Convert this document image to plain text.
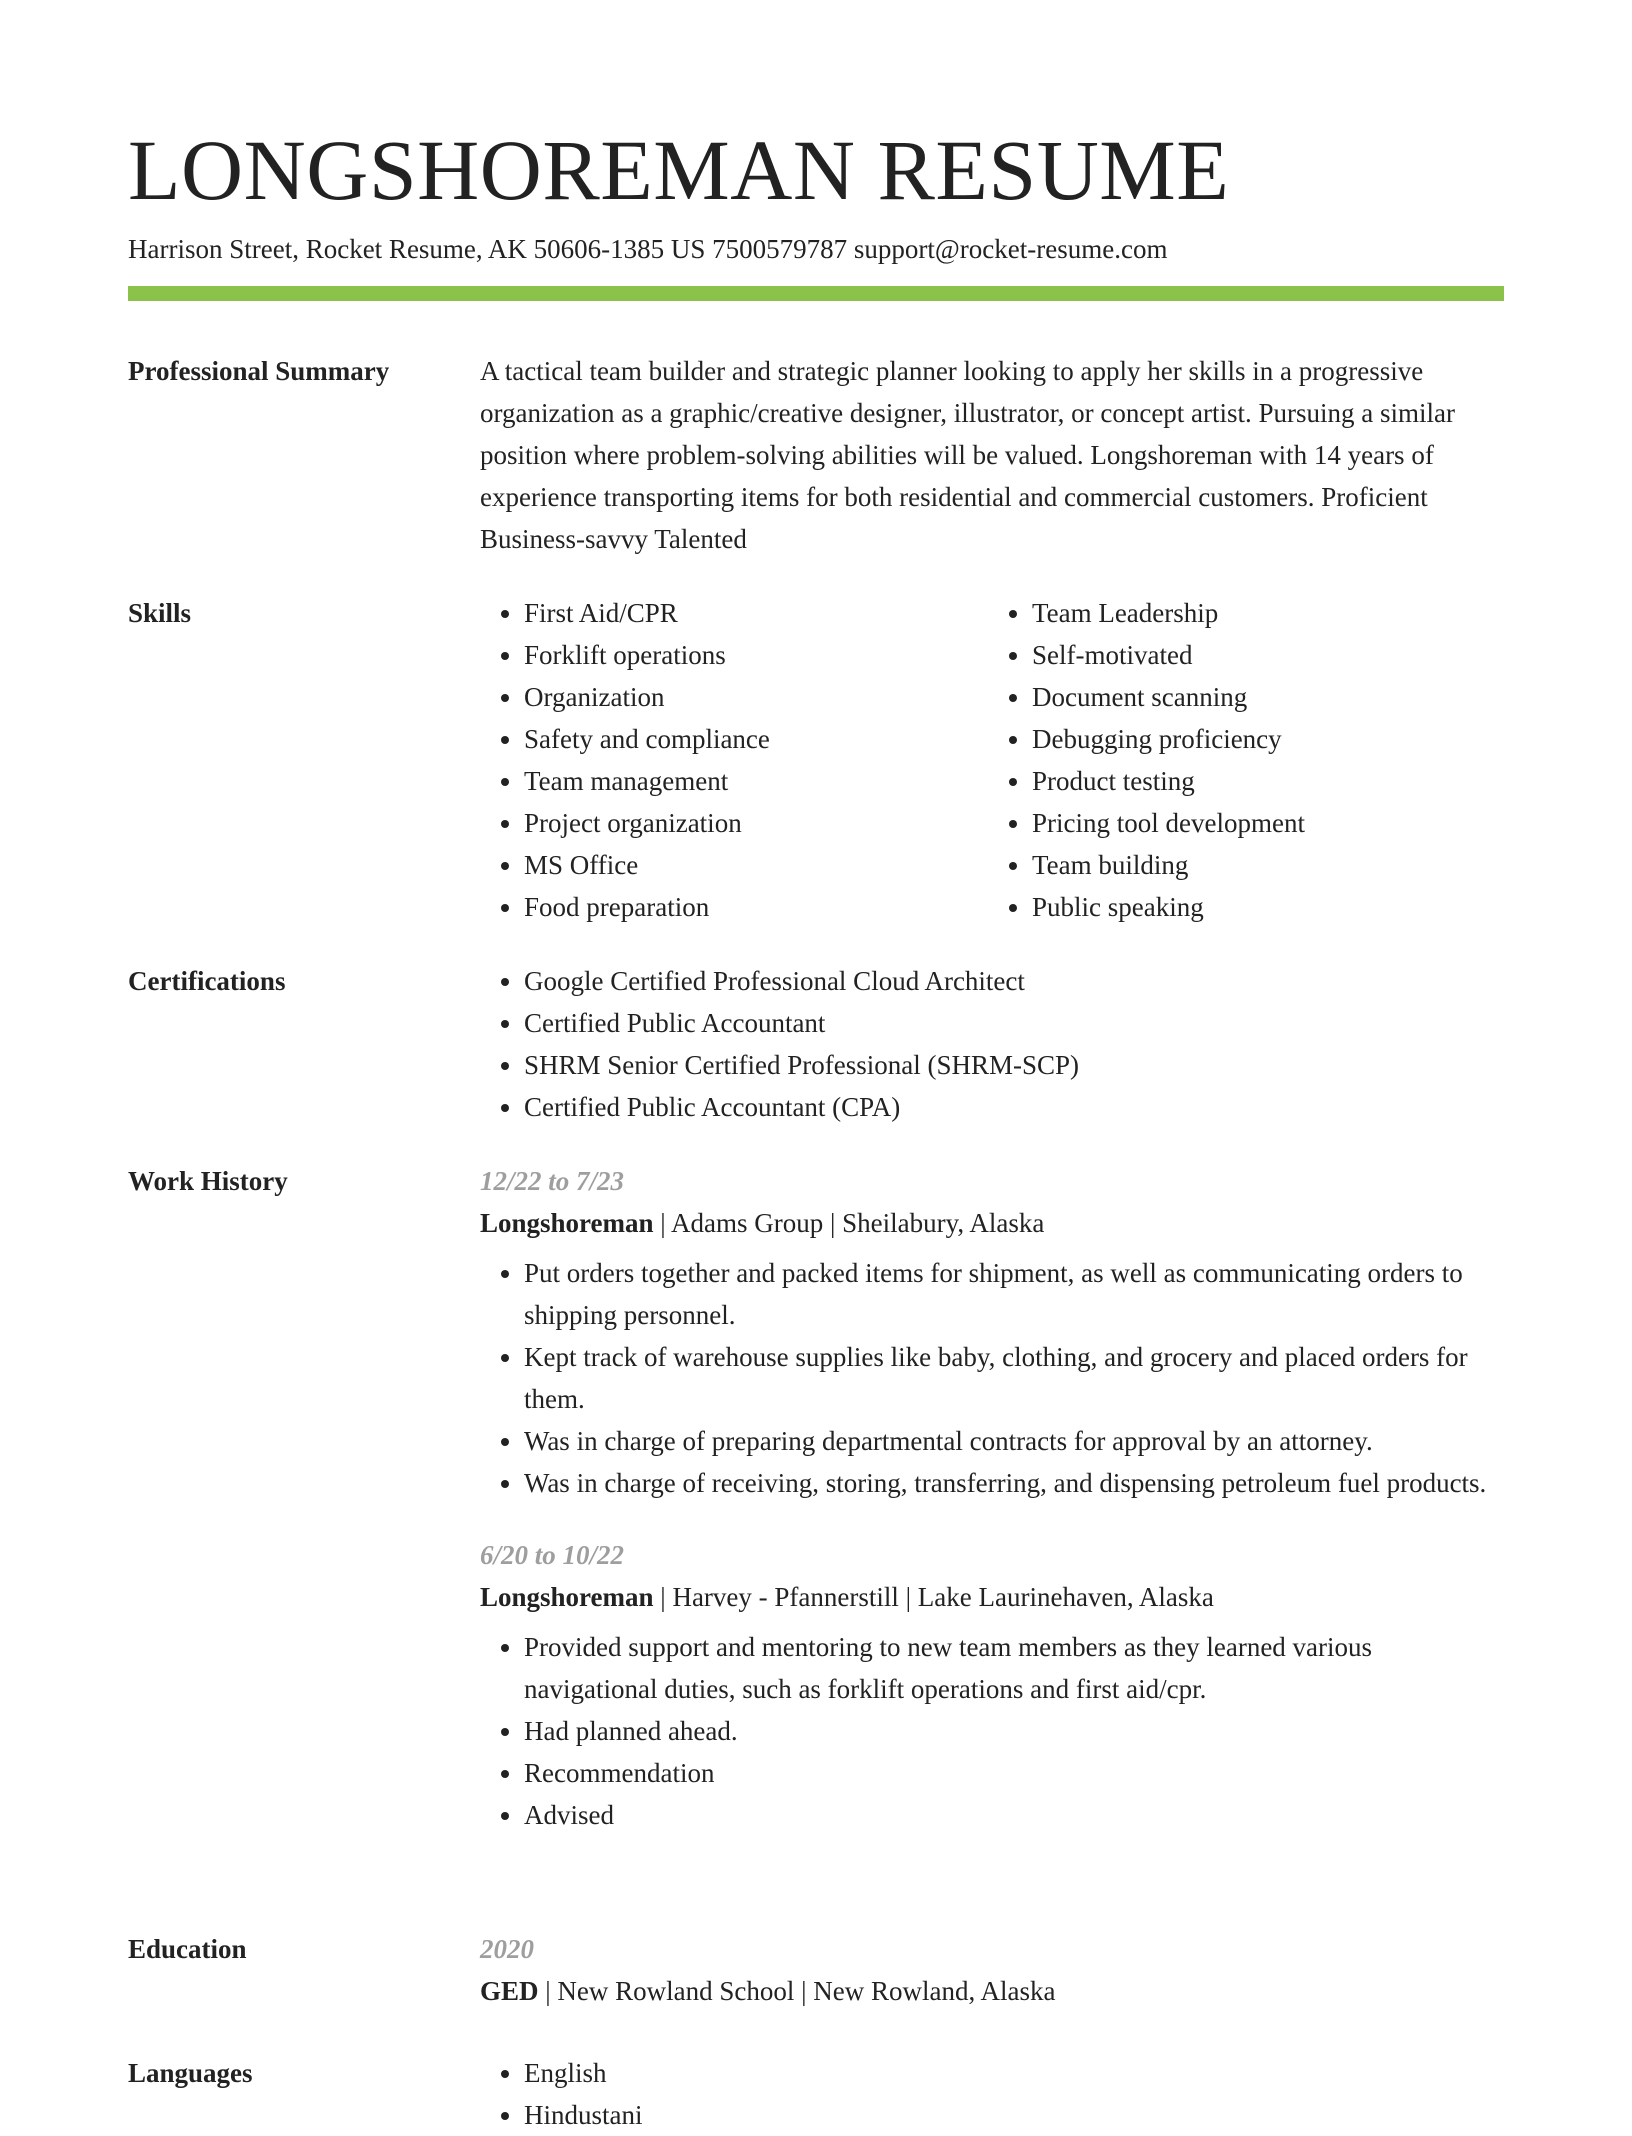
LONGSHOREMAN RESUME
Harrison Street, Rocket Resume, AK 50606-1385 US 7500579787 support@rocket-resume.com
Professional Summary	A tactical team builder and strategic planner looking to apply her skills in a progressive organization as a graphic/creative designer, illustrator, or concept artist. Pursuing a similar position where problem-solving abilities will be valued. Longshoreman with 14 years of experience transporting items for both residential and commercial customers. Proficient Business-savvy Talented

Skills	• First Aid/CPR
• Forklift operations
• Organization
• Safety and compliance
• Team management
• Project organization
• MS Office
• Food preparation
• Team Leadership
• Self-motivated
• Document scanning
• Debugging proficiency
• Product testing
• Pricing tool development
• Team building
• Public speaking
Certifications	• Google Certified Professional Cloud Architect
• Certified Public Accountant
• SHRM Senior Certified Professional (SHRM-SCP)
• Certified Public Accountant (CPA)
Work History	12/22 to 7/23
Longshoreman | Adams Group | Sheilabury, Alaska
• Put orders together and packed items for shipment, as well as communicating orders to shipping personnel.
• Kept track of warehouse supplies like baby, clothing, and grocery and placed orders for them.
• Was in charge of preparing departmental contracts for approval by an attorney.
• Was in charge of receiving, storing, transferring, and dispensing petroleum fuel products.
6/20 to 10/22
Longshoreman | Harvey - Pfannerstill | Lake Laurinehaven, Alaska
• Provided support and mentoring to new team members as they learned various navigational duties, such as forklift operations and first aid/cpr.
• Had planned ahead.
• Recommendation
• Advised
Education	2020
GED | New Rowland School | New Rowland, Alaska
Languages	• English
• Hindustani
